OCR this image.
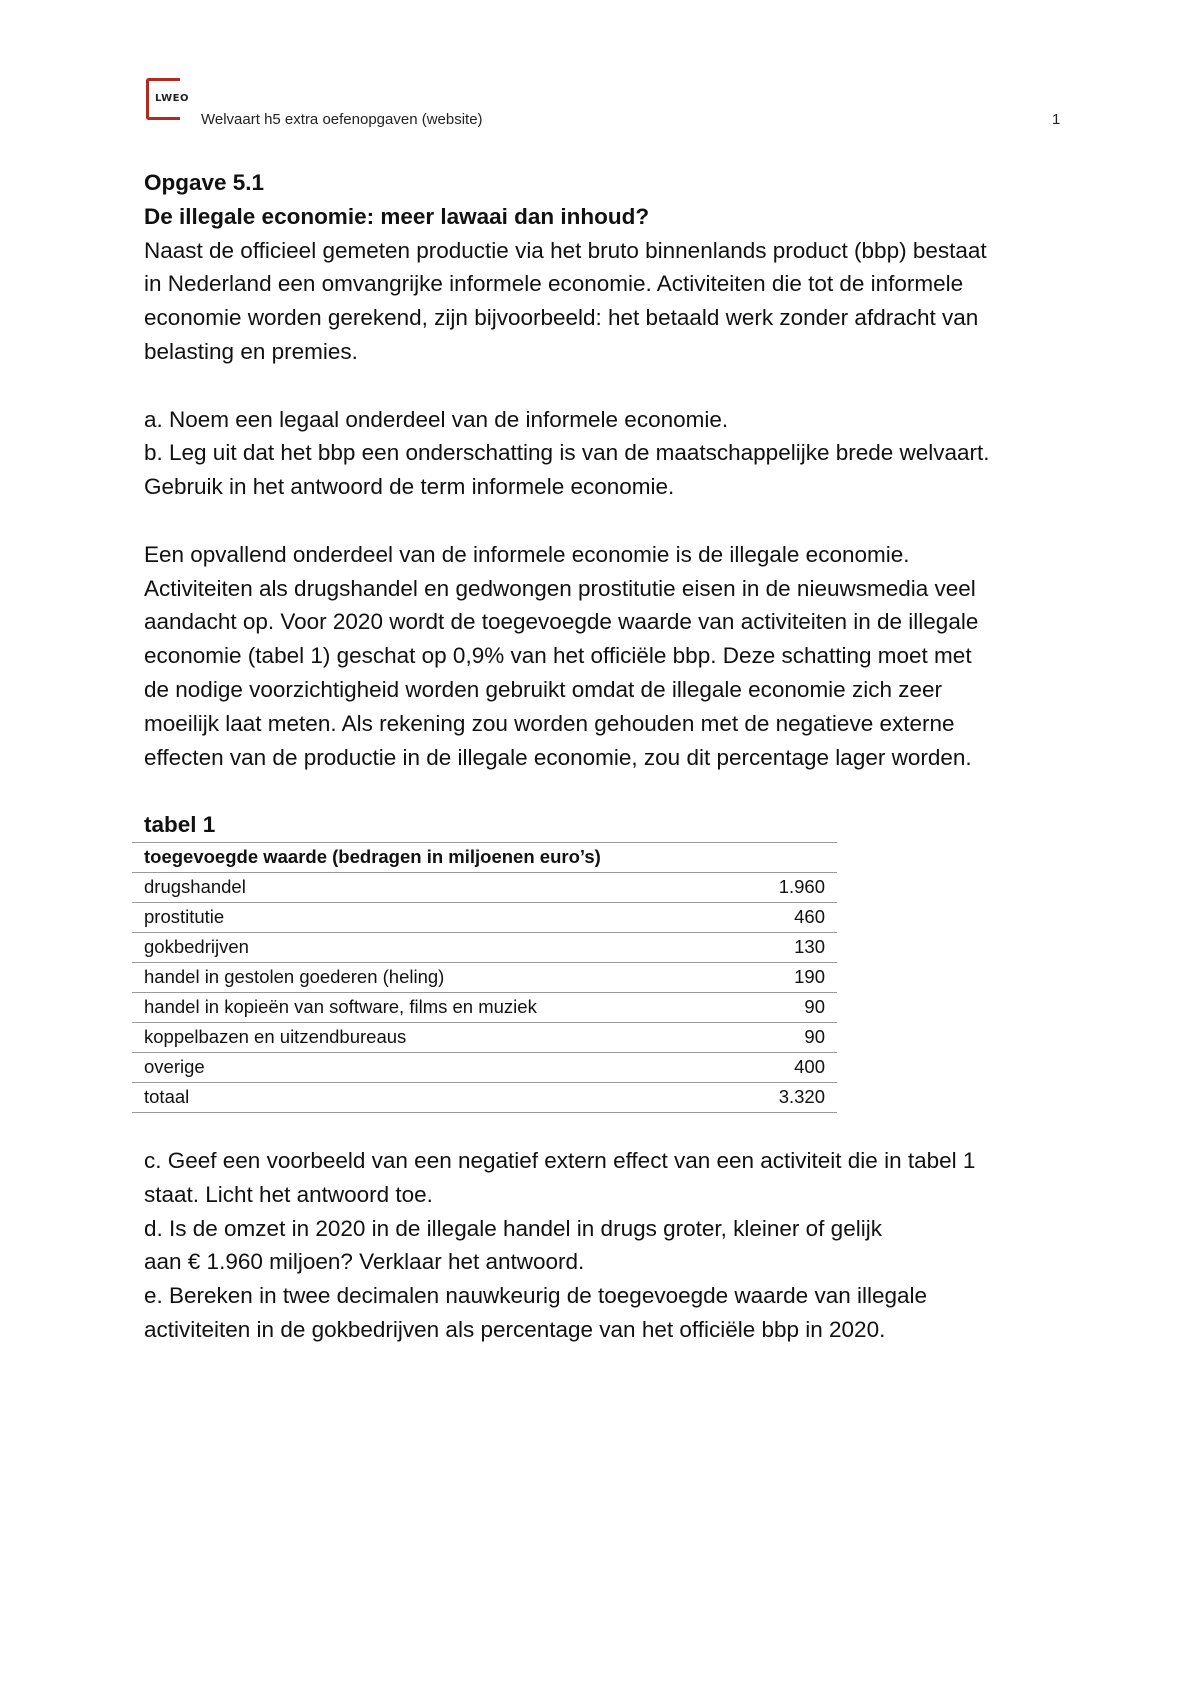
LWEO
Welvaart h5 extra oefenopgaven (website)	1

Opgave 5.1

De illegale economie: meer lawaai dan inhoud?

Naast de officieel gemeten productie via het bruto binnenlands product (bbp) bestaat

in Nederland een omvangrijke informele economie. Activiteiten die tot de informele

economie worden gerekend, zijn bijvoorbeeld: het betaald werk zonder afdracht van

belasting en premies.

a. Noem een legaal onderdeel van de informele economie.

b. Leg uit dat het bbp een onderschatting is van de maatschappelijke brede welvaart.

Gebruik in het antwoord de term informele economie.

Een opvallend onderdeel van de informele economie is de illegale economie.

Activiteiten als drugshandel en gedwongen prostitutie eisen in de nieuwsmedia veel

aandacht op. Voor 2020 wordt de toegevoegde waarde van activiteiten in de illegale

economie (tabel 1) geschat op 0,9% van het officiële bbp. Deze schatting moet met

de nodige voorzichtigheid worden gebruikt omdat de illegale economie zich zeer

moeilijk laat meten. Als rekening zou worden gehouden met de negatieve externe

effecten van de productie in de illegale economie, zou dit percentage lager worden.

tabel 1

toegevoegde waarde (bedragen in miljoenen euro’s)	
drugshandel	1.960
prostitutie	460
gokbedrijven	130
handel in gestolen goederen (heling)	190
handel in kopieën van software, films en muziek	90
koppelbazen en uitzendbureaus	90
overige	400
totaal	3.320

c. Geef een voorbeeld van een negatief extern effect van een activiteit die in tabel 1

staat. Licht het antwoord toe.

d. Is de omzet in 2020 in de illegale handel in drugs groter, kleiner of gelijk

aan € 1.960 miljoen? Verklaar het antwoord.

e. Bereken in twee decimalen nauwkeurig de toegevoegde waarde van illegale

activiteiten in de gokbedrijven als percentage van het officiële bbp in 2020.
